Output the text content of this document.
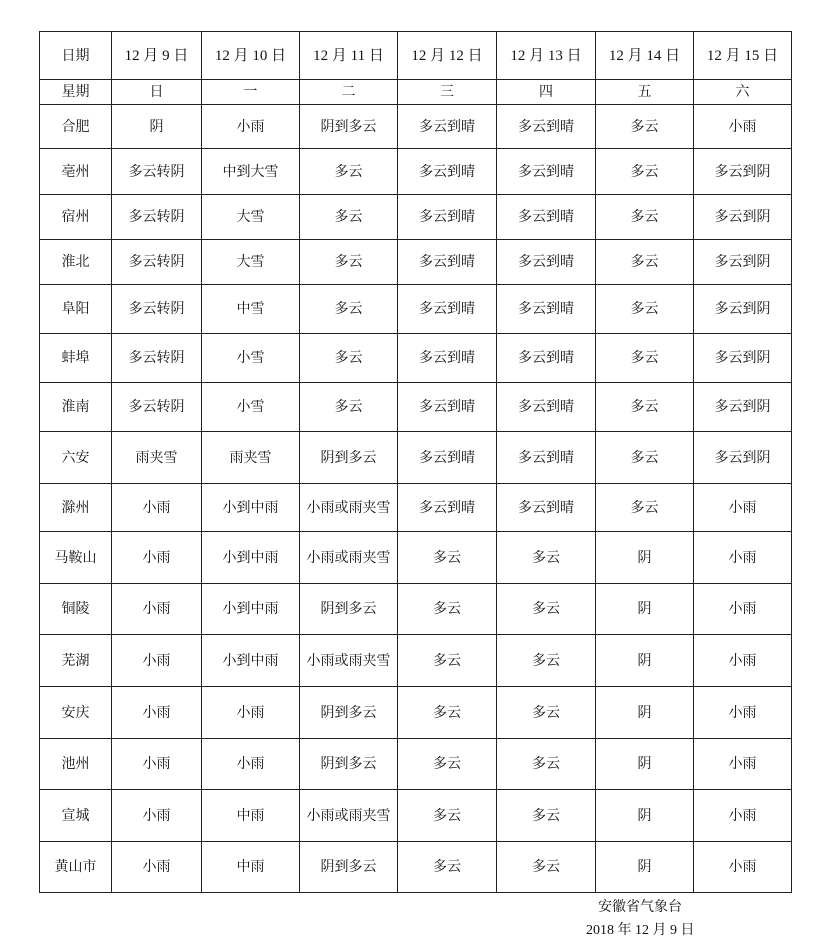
日期	12 月 9 日	12 月 10 日	12 月 11 日	12 月 12 日	12 月 13 日	12 月 14 日	12 月 15 日
星期	日	一	二	三	四	五	六
合肥	阴	小雨	阴到多云	多云到晴	多云到晴	多云	小雨
亳州	多云转阴	中到大雪	多云	多云到晴	多云到晴	多云	多云到阴
宿州	多云转阴	大雪	多云	多云到晴	多云到晴	多云	多云到阴
淮北	多云转阴	大雪	多云	多云到晴	多云到晴	多云	多云到阴
阜阳	多云转阴	中雪	多云	多云到晴	多云到晴	多云	多云到阴
蚌埠	多云转阴	小雪	多云	多云到晴	多云到晴	多云	多云到阴
淮南	多云转阴	小雪	多云	多云到晴	多云到晴	多云	多云到阴
六安	雨夹雪	雨夹雪	阴到多云	多云到晴	多云到晴	多云	多云到阴
滁州	小雨	小到中雨	小雨或雨夹雪	多云到晴	多云到晴	多云	小雨
马鞍山	小雨	小到中雨	小雨或雨夹雪	多云	多云	阴	小雨
铜陵	小雨	小到中雨	阴到多云	多云	多云	阴	小雨
芜湖	小雨	小到中雨	小雨或雨夹雪	多云	多云	阴	小雨
安庆	小雨	小雨	阴到多云	多云	多云	阴	小雨
池州	小雨	小雨	阴到多云	多云	多云	阴	小雨
宣城	小雨	中雨	小雨或雨夹雪	多云	多云	阴	小雨
黄山市	小雨	中雨	阴到多云	多云	多云	阴	小雨
安徽省气象台
2018 年 12 月 9 日
